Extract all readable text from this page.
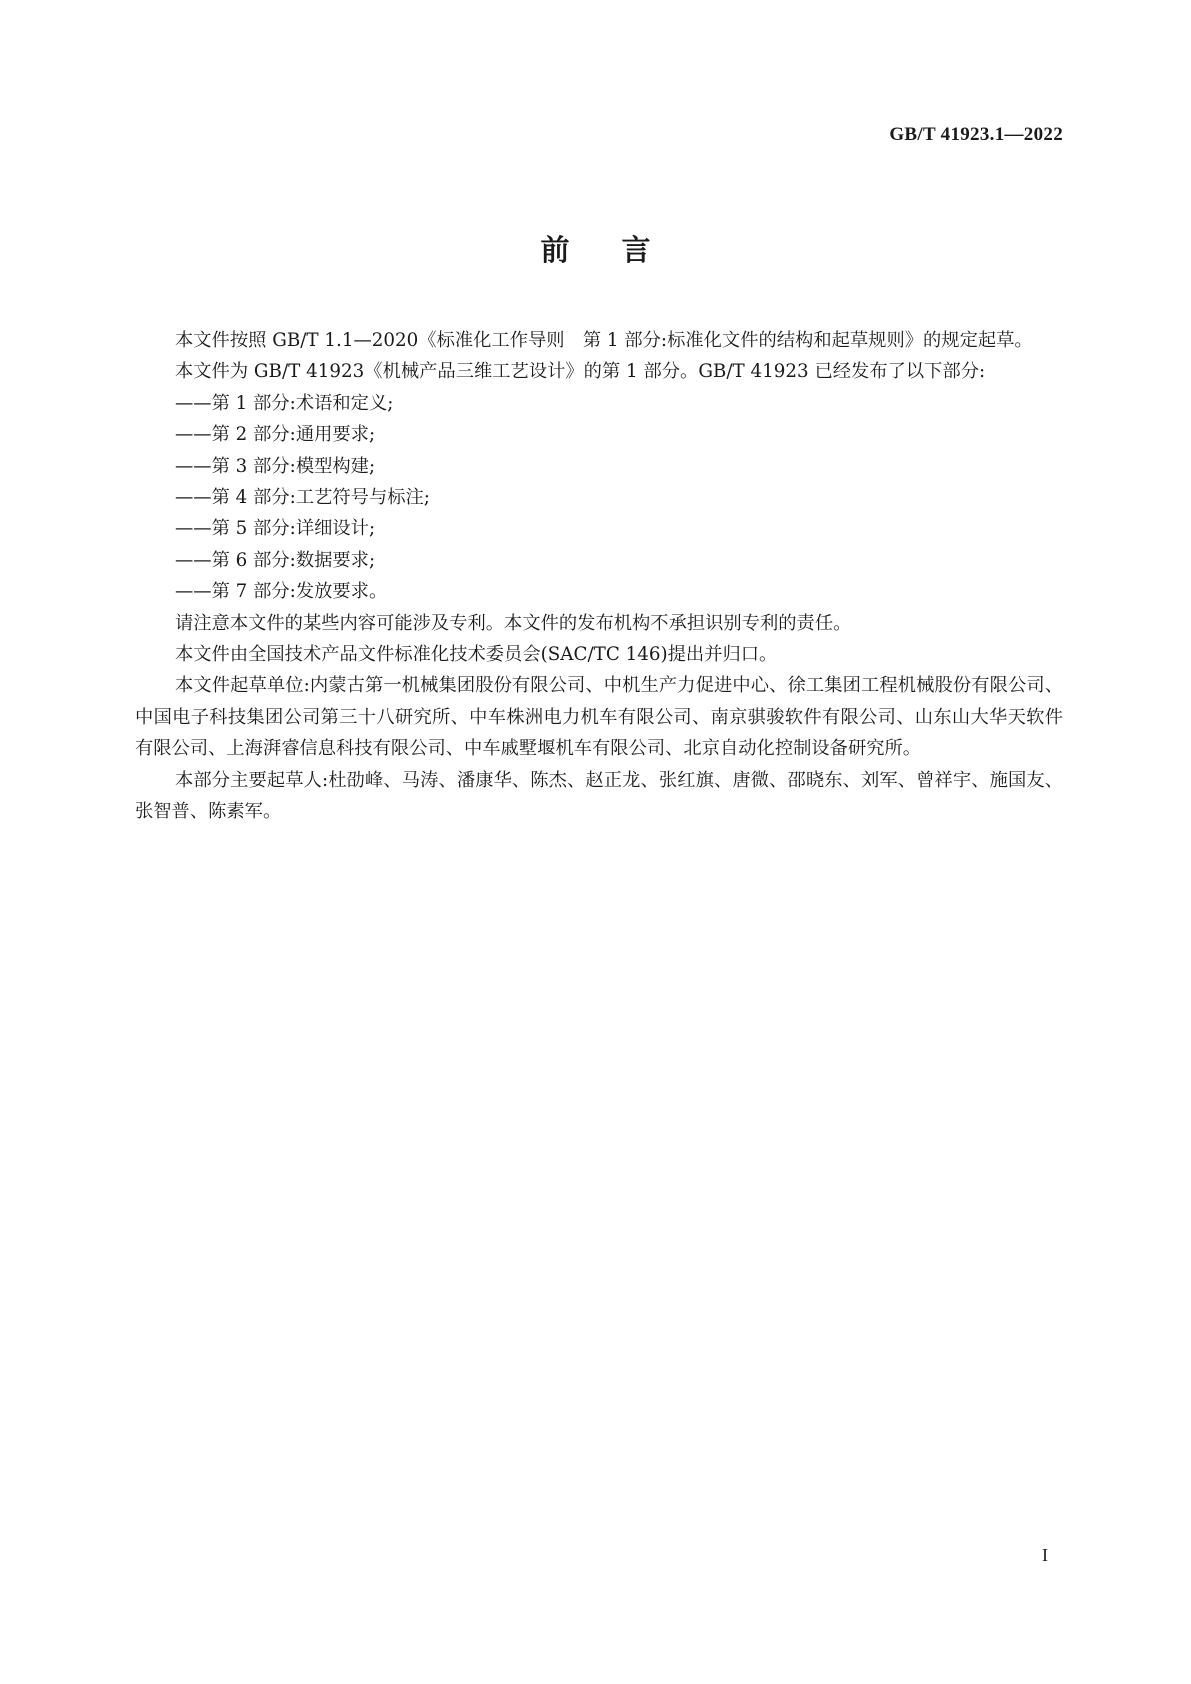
GB/T 41923.1—2022
前言

本文件按照 GB/T 1.1—2020《标准化工作导则　第 1 部分:标准化文件的结构和起草规则》的规定起草。

本文件为 GB/T 41923《机械产品三维工艺设计》的第 1 部分。GB/T 41923 已经发布了以下部分:

——第 1 部分:术语和定义;

——第 2 部分:通用要求;

——第 3 部分:模型构建;

——第 4 部分:工艺符号与标注;

——第 5 部分:详细设计;

——第 6 部分:数据要求;

——第 7 部分:发放要求。

请注意本文件的某些内容可能涉及专利。本文件的发布机构不承担识别专利的责任。

本文件由全国技术产品文件标准化技术委员会(SAC/TC 146)提出并归口。

本文件起草单位:内蒙古第一机械集团股份有限公司、中机生产力促进中心、徐工集团工程机械股份有限公司、中国电子科技集团公司第三十八研究所、中车株洲电力机车有限公司、南京骐骏软件有限公司、山东山大华天软件有限公司、上海湃睿信息科技有限公司、中车戚墅堰机车有限公司、北京自动化控制设备研究所。

本部分主要起草人:杜劭峰、马涛、潘康华、陈杰、赵正龙、张红旗、唐微、邵晓东、刘军、曾祥宇、施国友、张智普、陈素军。

I
